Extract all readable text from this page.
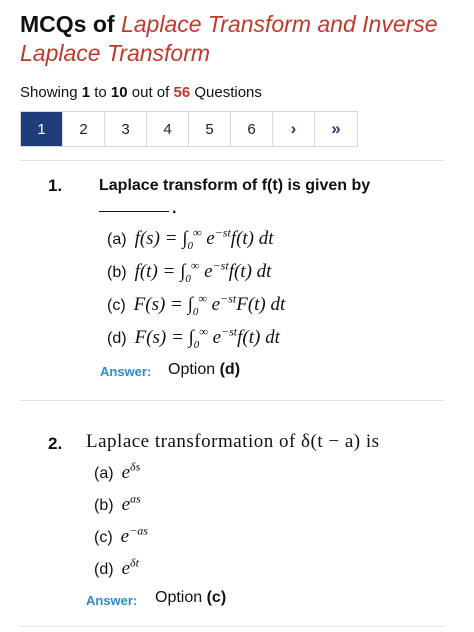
MCQs of Laplace Transform and Inverse Laplace Transform
Showing 1 to 10 out of 56 Questions
1	2	3	4	5	6	›	»
1. Laplace transform of f(t) is given by
.
(a) $f(s) = \int_0^\infty$ $e^{-st}f(t)$ dt
(b) $f(t) = \int_0^\infty$ $e^{-st}f(t)$ dt
(c) $F(s) = \int_0^\infty$ $e^{-st}F(t)$ dt
(d) $F(s) = \int_0^\infty$ $e^{-st}f(t)$ dt
Answer: Option (d)
2. Laplace transformation of δ(t − a) is
(a) $e^{\delta s}$
(b) $e^{as}$
(c) $e^{-as}$
(d) $e^{\delta t}$
Answer: Option (c)
